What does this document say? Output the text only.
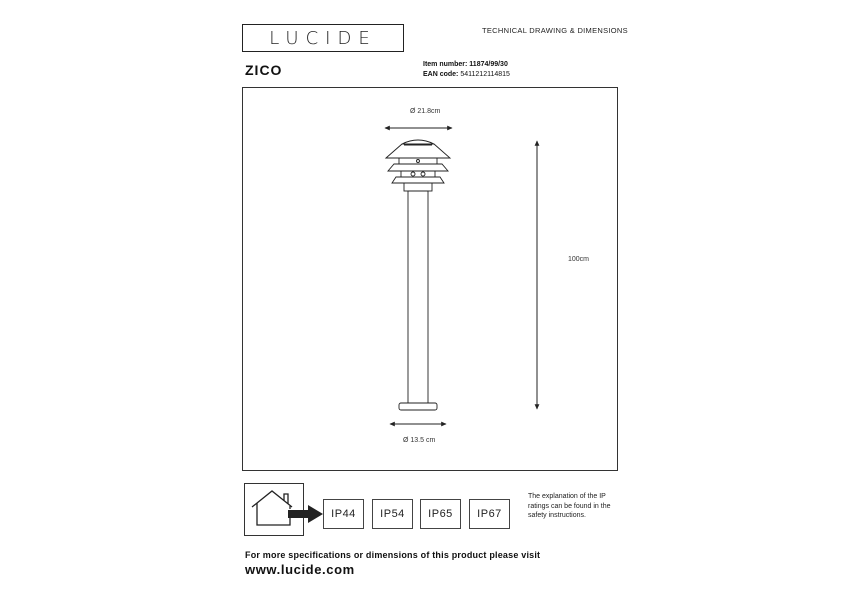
LUCIDE	TECHNICAL DRAWING & DIMENSIONS
ZICO	Item number: 11874/99/30
EAN code: 5411212114815
Ø 21.8cm
100cm
Ø 13.5 cm
IP44	IP54	IP65	IP67
The explanation of the IP ratings can be found in the safety instructions.
For more specifications or dimensions of this product please visit
www.lucide.com
